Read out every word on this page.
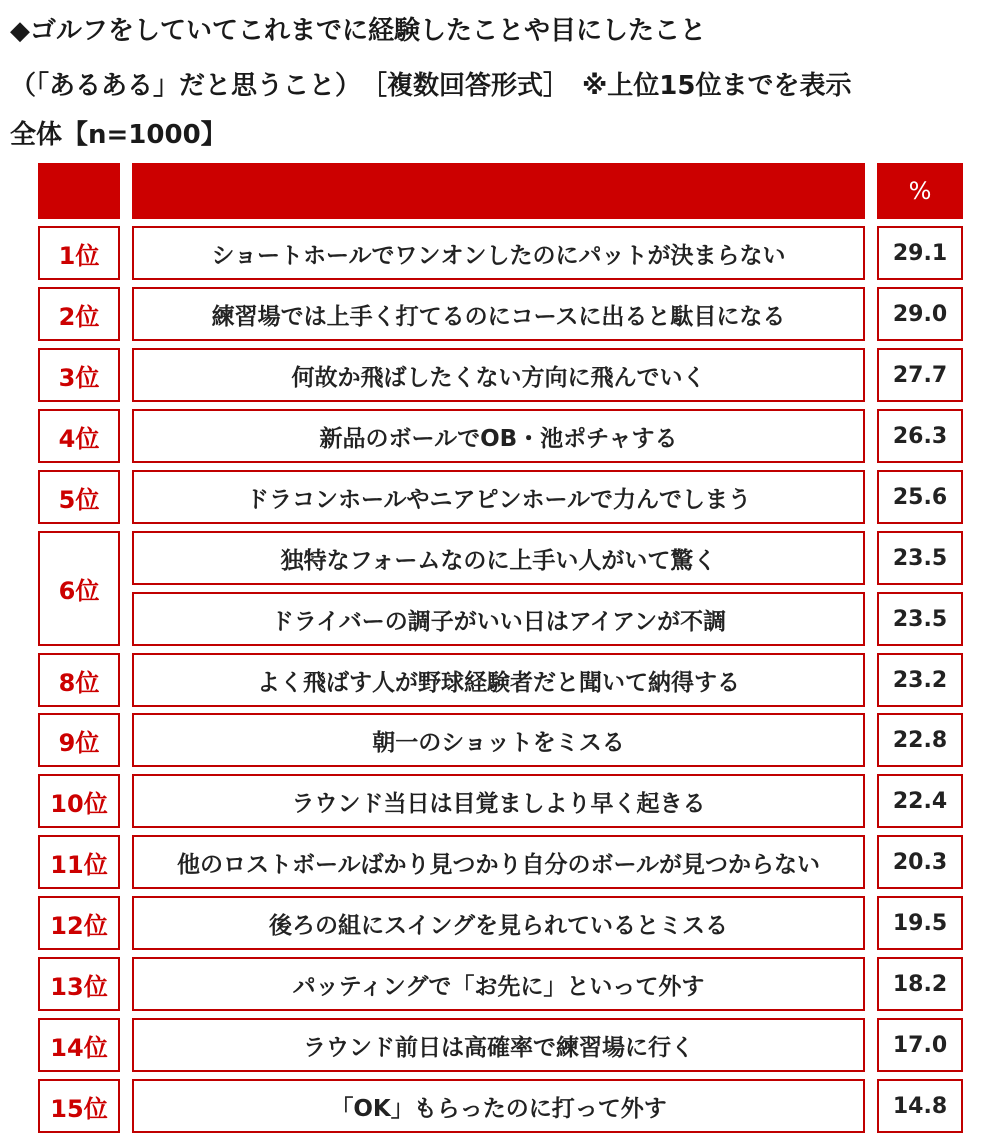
◆ゴルフをしていてこれまでに経験したことや目にしたこと
（「あるある」だと思うこと）　［複数回答形式］　※上位15位までを表示
全体【n=1000】
%
1位	ショートホールでワンオンしたのにパットが決まらない	29.1
2位	練習場では上手く打てるのにコースに出ると駄目になる	29.0
3位	何故か飛ばしたくない方向に飛んでいく	27.7
4位	新品のボールでOB・池ポチャする	26.3
5位	ドラコンホールやニアピンホールで力んでしまう	25.6
6位
独特なフォームなのに上手い人がいて驚く	23.5
ドライバーの調子がいい日はアイアンが不調	23.5
8位	よく飛ばす人が野球経験者だと聞いて納得する	23.2
9位	朝一のショットをミスる	22.8
10位	ラウンド当日は目覚ましより早く起きる	22.4
11位	他のロストボールばかり見つかり自分のボールが見つからない	20.3
12位	後ろの組にスイングを見られているとミスる	19.5
13位	パッティングで「お先に」といって外す	18.2
14位	ラウンド前日は高確率で練習場に行く	17.0
15位	「OK」もらったのに打って外す	14.8
